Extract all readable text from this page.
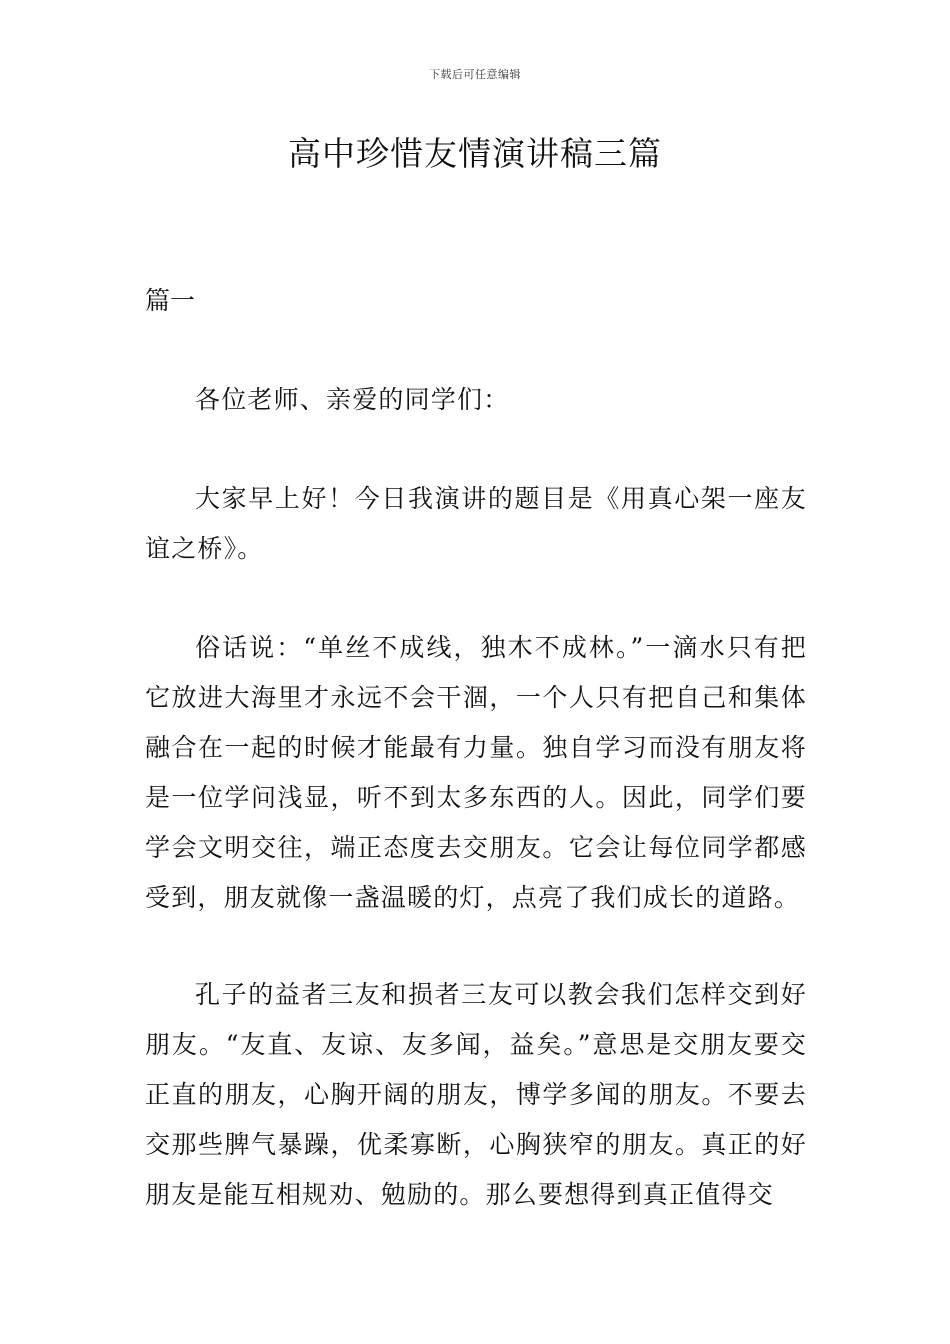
下载后可任意编辑
高中珍惜友情演讲稿三篇
篇一

各位老师、亲爱的同学们：

大家早上好！今日我演讲的题目是《用真心架一座友谊之桥》。

俗话说：“单丝不成线，独木不成林。”一滴水只有把它放进大海里才永远不会干涸，一个人只有把自己和集体融合在一起的时候才能最有力量。独自学习而没有朋友将是一位学问浅显，听不到太多东西的人。因此，同学们要学会文明交往，端正态度去交朋友。它会让每位同学都感受到，朋友就像一盏温暖的灯，点亮了我们成长的道路。

孔子的益者三友和损者三友可以教会我们怎样交到好朋友。“友直、友谅、友多闻，益矣。”意思是交朋友要交正直的朋友，心胸开阔的朋友，博学多闻的朋友。不要去交那些脾气暴躁，优柔寡断，心胸狭窄的朋友。真正的好朋友是能互相规劝、勉励的。那么要想得到真正值得交
